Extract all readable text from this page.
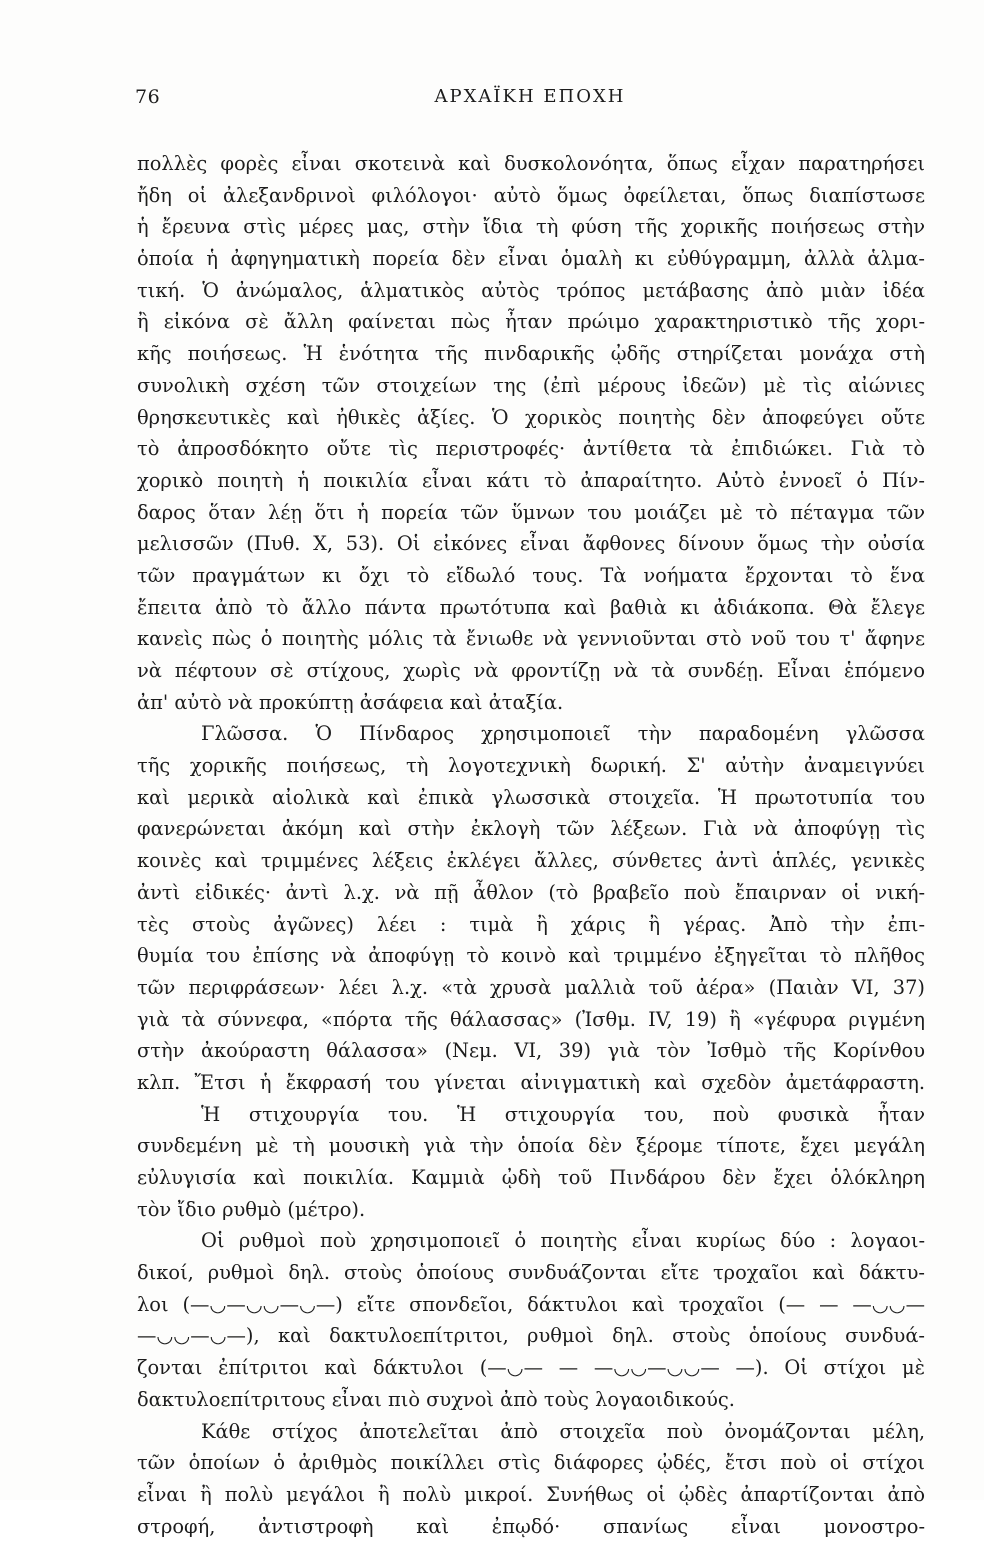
76	ΑΡΧΑΪΚΗ ΕΠΟΧΗ
πολλὲς φορὲς εἶναι σκοτεινὰ καὶ δυσκολονόητα, ὅπως εἶχαν παρατηρήσει
ἤδη οἱ ἀλεξανδρινοὶ φιλόλογοι· αὐτὸ ὅμως ὀφείλεται, ὅπως διαπίστωσε
ἡ ἔρευνα στὶς μέρες μας, στὴν ἴδια τὴ φύση τῆς χορικῆς ποιήσεως στὴν
ὁποία ἡ ἀφηγηματικὴ πορεία δὲν εἶναι ὁμαλὴ κι εὐθύγραμμη, ἀλλὰ ἁλμα-
τική. Ὁ ἀνώμαλος, ἁλματικὸς αὐτὸς τρόπος μετάβασης ἀπὸ μιὰν ἰδέα
ἢ εἰκόνα σὲ ἄλλη φαίνεται πὼς ἦταν πρώιμο χαρακτηριστικὸ τῆς χορι-
κῆς ποιήσεως. Ἡ ἑνότητα τῆς πινδαρικῆς ᾠδῆς στηρίζεται μονάχα στὴ
συνολικὴ σχέση τῶν στοιχείων της (ἐπὶ μέρους ἰδεῶν) μὲ τὶς αἰώνιες
θρησκευτικὲς καὶ ἠθικὲς ἀξίες. Ὁ χορικὸς ποιητὴς δὲν ἀποφεύγει οὔτε
τὸ ἀπροσδόκητο οὔτε τὶς περιστροφές· ἀντίθετα τὰ ἐπιδιώκει. Γιὰ τὸ
χορικὸ ποιητὴ ἡ ποικιλία εἶναι κάτι τὸ ἀπαραίτητο. Αὐτὸ ἐννοεῖ ὁ Πίν-
δαρος ὅταν λέῃ ὅτι ἡ πορεία τῶν ὕμνων του μοιάζει μὲ τὸ πέταγμα τῶν
μελισσῶν (Πυθ. Χ, 53). Οἱ εἰκόνες εἶναι ἄφθονες δίνουν ὅμως τὴν οὐσία
τῶν πραγμάτων κι ὄχι τὸ εἴδωλό τους. Τὰ νοήματα ἔρχονται τὸ ἕνα
ἔπειτα ἀπὸ τὸ ἄλλο πάντα πρωτότυπα καὶ βαθιὰ κι ἀδιάκοπα. Θὰ ἔλεγε
κανεὶς πὼς ὁ ποιητὴς μόλις τὰ ἔνιωθε νὰ γεννιοῦνται στὸ νοῦ του τ' ἄφηνε
νὰ πέφτουν σὲ στίχους, χωρὶς νὰ φροντίζῃ νὰ τὰ συνδέῃ. Εἶναι ἑπόμενο
ἀπ' αὐτὸ νὰ προκύπτῃ ἀσάφεια καὶ ἀταξία.
Γλῶσσα. Ὁ Πίνδαρος χρησιμοποιεῖ τὴν παραδομένη γλῶσσα
τῆς χορικῆς ποιήσεως, τὴ λογοτεχνικὴ δωρική. Σ' αὐτὴν ἀναμειγνύει
καὶ μερικὰ αἰολικὰ καὶ ἐπικὰ γλωσσικὰ στοιχεῖα. Ἡ πρωτοτυπία του
φανερώνεται ἀκόμη καὶ στὴν ἐκλογὴ τῶν λέξεων. Γιὰ νὰ ἀποφύγῃ τὶς
κοινὲς καὶ τριμμένες λέξεις ἐκλέγει ἄλλες, σύνθετες ἀντὶ ἁπλές, γενικὲς
ἀντὶ εἰδικές· ἀντὶ λ.χ. νὰ πῇ ἆθλον (τὸ βραβεῖο ποὺ ἔπαιρναν οἱ νική-
τὲς στοὺς ἀγῶνες) λέει : τιμὰ ἢ χάρις ἢ γέρας. Ἀπὸ τὴν ἐπι-
θυμία του ἐπίσης νὰ ἀποφύγῃ τὸ κοινὸ καὶ τριμμένο ἐξηγεῖται τὸ πλῆθος
τῶν περιφράσεων· λέει λ.χ. «τὰ χρυσὰ μαλλιὰ τοῦ ἀέρα» (Παιὰν VI, 37)
γιὰ τὰ σύννεφα, «πόρτα τῆς θάλασσας» (Ἰσθμ. IV, 19) ἢ «γέφυρα ριγμένη
στὴν ἀκούραστη θάλασσα» (Νεμ. VI, 39) γιὰ τὸν Ἰσθμὸ τῆς Κορίνθου
κλπ. Ἔτσι ἡ ἔκφρασή του γίνεται αἰνιγματικὴ καὶ σχεδὸν ἀμετάφραστη.
Ἡ στιχουργία του. Ἡ στιχουργία του, ποὺ φυσικὰ ἦταν
συνδεμένη μὲ τὴ μουσικὴ γιὰ τὴν ὁποία δὲν ξέρομε τίποτε, ἔχει μεγάλη
εὐλυγισία καὶ ποικιλία. Καμμιὰ ᾠδὴ τοῦ Πινδάρου δὲν ἔχει ὁλόκληρη
τὸν ἴδιο ρυθμὸ (μέτρο).
Οἱ ρυθμοὶ ποὺ χρησιμοποιεῖ ὁ ποιητὴς εἶναι κυρίως δύο : λογαοι-
δικοί, ρυθμοὶ δηλ. στοὺς ὁποίους συνδυάζονται εἴτε τροχαῖοι καὶ δάκτυ-
λοι (—◡—◡◡—◡—) εἴτε σπονδεῖοι, δάκτυλοι καὶ τροχαῖοι (— — —◡◡—
—◡◡—◡—), καὶ δακτυλοεπίτριτοι, ρυθμοὶ δηλ. στοὺς ὁποίους συνδυά-
ζονται ἐπίτριτοι καὶ δάκτυλοι (—◡— — —◡◡—◡◡— —). Οἱ στίχοι μὲ
δακτυλοεπίτριτους εἶναι πιὸ συχνοὶ ἀπὸ τοὺς λογαοιδικούς.
Κάθε στίχος ἀποτελεῖται ἀπὸ στοιχεῖα ποὺ ὀνομάζονται μέλη,
τῶν ὁποίων ὁ ἀριθμὸς ποικίλλει στὶς διάφορες ᾠδές, ἔτσι ποὺ οἱ στίχοι
εἶναι ἢ πολὺ μεγάλοι ἢ πολὺ μικροί. Συνήθως οἱ ᾠδὲς ἀπαρτίζονται ἀπὸ
στροφή, ἀντιστροφὴ καὶ ἐπῳδό· σπανίως εἶναι μονοστρο-
